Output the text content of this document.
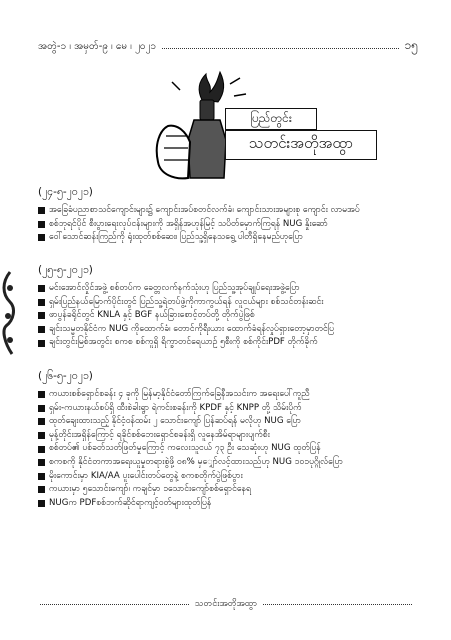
အတွဲ-၁ ၊ အမှတ်-၉ ၊ မေ ၊ ၂၀၂၁	၁၅
ပြည်တွင်း
သတင်းအတိုအထွာ
(၂၄-၅-၂၀၂၁)
အခြေခံပညာစာသင်ကျောင်းများ၌ ကျောင်းအပ်စတင်လက်ခံ၊ ကျောင်းသားအများစု ကျောင်း လာမအပ်
စစ်ဘုရင်ပိုင် စီးပွားရေးလုပ်ငန်းများကို အရှိန်အဟုန်မြင့် သပိတ်မှောက်ကြရန် NUG နှိုးဆော်
ဝေါ်သောင်ဆန်းကြည်ကို ရုံးထုတ်စစ်ဆေး၊ ပြည်သူ့ရှိနေသရွေ့ ပါတီရှိနေမည်ဟုပြော
(၂၅-၅-၂၀၂၁)
မင်းအောင်လှိုင်အဖွဲ့ စစ်တပ်က ခေတ္တလက်နက်သုံးဟု ပြည်သူ့အုပ်ချုပ်ရေးအဖွဲ့ပြော
ရှမ်းပြည်နယ်မြောက်ပိုင်းတွင် ပြည်သူ့ရဲတပ်ဖွဲ့ကိုကာကွယ်ရန် လူငယ်များ စစ်သင်တန်းဆင်း
ဖာပွန်ခရိုင်တွင် KNLA နှင့် BGF နယ်ခြားစောင့်တပ်တို့ တိုက်ပွဲဖြစ်
ချင်းသမ္မတနိုင်ငံက NUG ကိုထောက်ခံ၊ တောင်ကိုရီးယား ထောက်ခံရန်လှုပ်ရှားတော့မှာတင်ပြ
ချင်းတွင်းမြစ်အတွင်း စကစ စစ်ကူရှိ ရိက္ခာတင်ရေယာဉ် ၅စီးကို စစ်ကိုင်းPDF တိုက်ခိုက်
(၂၆-၅-၂၀၂၁)
ကယားစစ်ရှောင်စခန်း ၄ ခုကို မြန်မာ့နိုင်ငံတော်ကြက်ခြေနီအသင်းက အရေးပေါ်ကူညီ
ရှမ်း-ကယားနယ်စပ်ရှိ ထီးစဲခါးရွာ ရဲကင်းစခန်းကို KPDF နှင့် KNPP တို့ သိမ်းပိုက်
ထုတ်ချေးထားသည့် နိုင်ငံ့ဝန်ထမ်း ၂ သောင်းကျော် ပြန်ဆပ်ရန် မလိုဟု NUG ပြော
မုန့်တိုင်းအရှိန်ကြောင့် ရခိုင်စစ်ဘေးရှောင်စခန်းရှိ လူနေအိမ်ရာများပျက်စီး
စစ်တပ်၏ ပစ်ခတ်သတ်ဖြတ်မှုကြောင့် ကလေးသူငယ် ၇၃ ဦး သေဆုံးဟု NUG ထုတ်ပြန်
စကစကို နိုင်ငံတကာအရေးယူမှုတရားစွဲဖို့ ၀၈% မှျှော်လင့်ထားသည်ဟု NUG ၁၀၁ပုဂ္ဂိုလ်ပြော
မိုးကောင်းမှာ KIA/AA ပူးပေါင်းတပ်တွေနဲ့ စကစတိုက်ပွဲဖြစ်ပွား
ကယားမှာ ၅သောင်းကျော်၊ ကချင်မှာ ၁သောင်းကျော်စစ်ရှောင်နေရ
NUGက PDFစစ်ဘက်ဆိုင်ရာကျင့်ဝတ်များထုတ်ပြန်
သတင်းအတိုအထွာ
